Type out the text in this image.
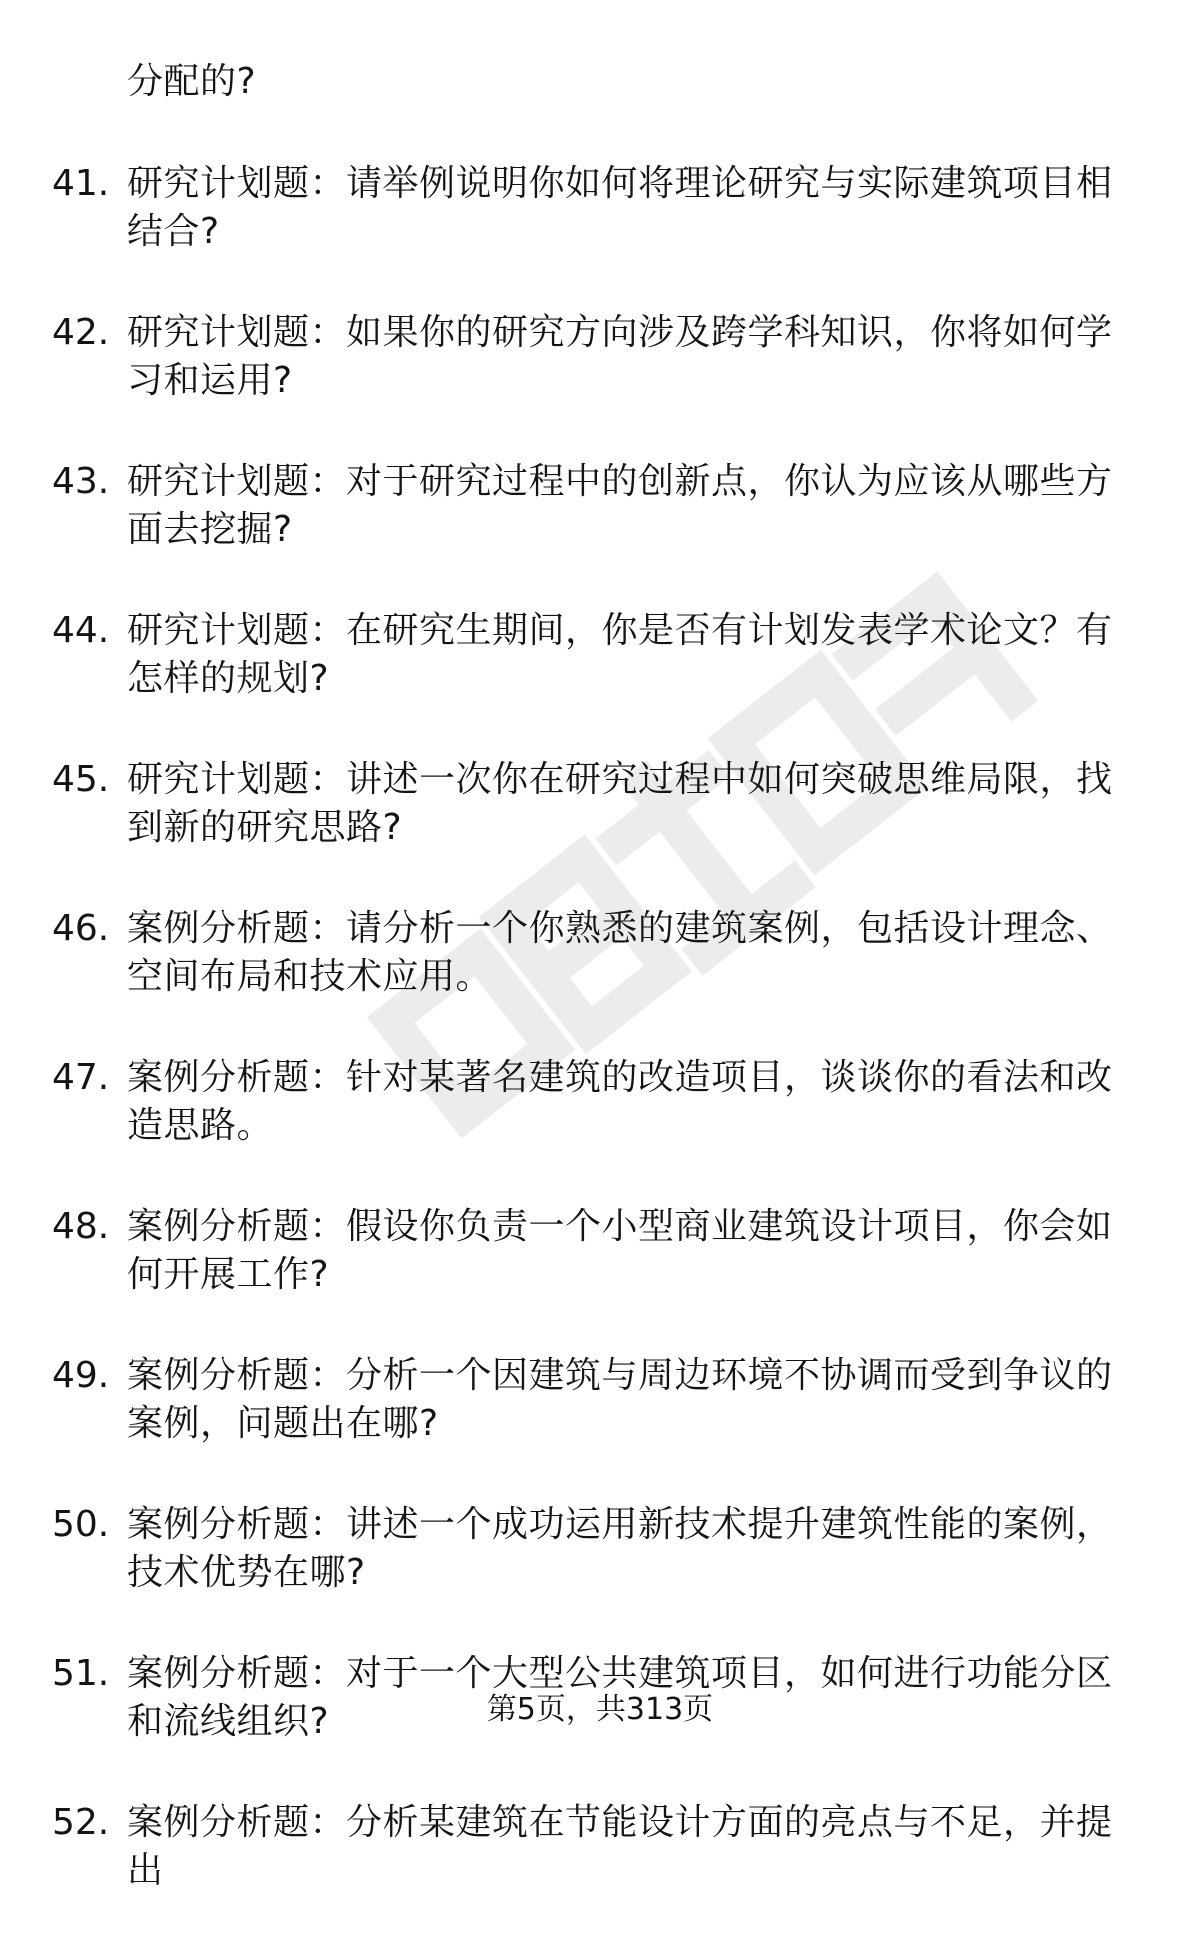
分配的?
41. 研究计划题：请举例说明你如何将理论研究与实际建筑项目相结合?
42. 研究计划题：如果你的研究方向涉及跨学科知识，你将如何学习和运用?
43. 研究计划题：对于研究过程中的创新点，你认为应该从哪些方面去挖掘?
44. 研究计划题：在研究生期间，你是否有计划发表学术论文？有怎样的规划?
45. 研究计划题：讲述一次你在研究过程中如何突破思维局限，找到新的研究思路?
46. 案例分析题：请分析一个你熟悉的建筑案例，包括设计理念、空间布局和技术应用。
47. 案例分析题：针对某著名建筑的改造项目，谈谈你的看法和改造思路。
48. 案例分析题：假设你负责一个小型商业建筑设计项目，你会如何开展工作?
49. 案例分析题：分析一个因建筑与周边环境不协调而受到争议的案例，问题出在哪?
50. 案例分析题：讲述一个成功运用新技术提升建筑性能的案例，技术优势在哪?
51. 案例分析题：对于一个大型公共建筑项目，如何进行功能分区和流线组织?
52. 案例分析题：分析某建筑在节能设计方面的亮点与不足，并提出
第5页，共313页
